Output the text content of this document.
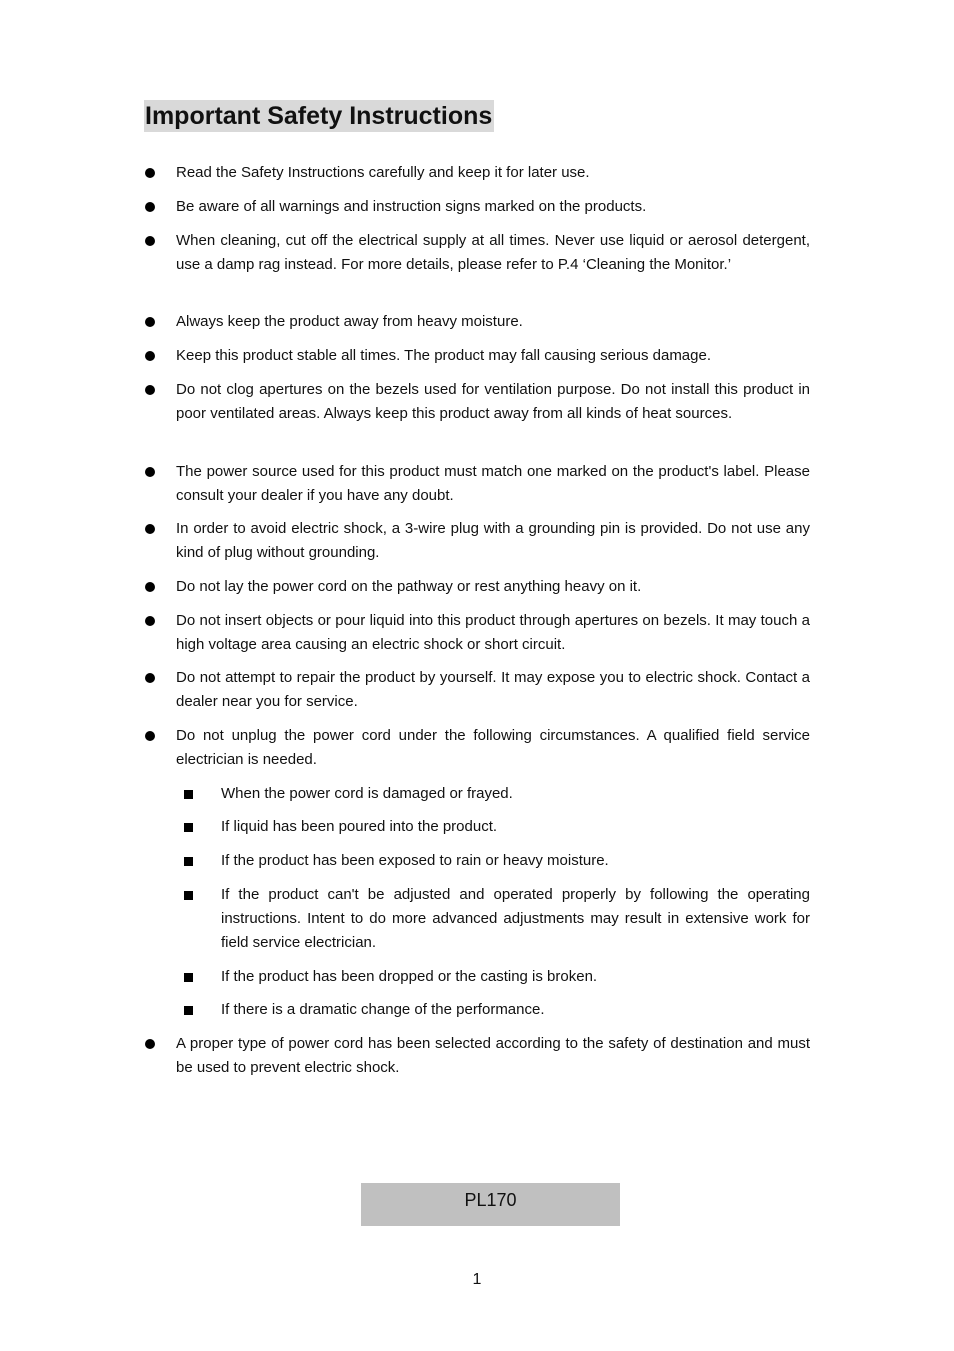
Important Safety Instructions
Read the Safety Instructions carefully and keep it for later use.
Be aware of all warnings and instruction signs marked on the products.
When cleaning, cut off the electrical supply at all times. Never use liquid or aerosol detergent, use a damp rag instead. For more details, please refer to P.4 ‘Cleaning the Monitor.’
Always keep the product away from heavy moisture.
Keep this product stable all times. The product may fall causing serious damage.
Do not clog apertures on the bezels used for ventilation purpose. Do not install this product in poor ventilated areas. Always keep this product away from all kinds of heat sources.
The power source used for this product must match one marked on the product's label. Please consult your dealer if you have any doubt.
In order to avoid electric shock, a 3-wire plug with a grounding pin is provided. Do not use any kind of plug without grounding.
Do not lay the power cord on the pathway or rest anything heavy on it.
Do not insert objects or pour liquid into this product through apertures on bezels. It may touch a high voltage area causing an electric shock or short circuit.
Do not attempt to repair the product by yourself. It may expose you to electric shock. Contact a dealer near you for service.
Do not unplug the power cord under the following circumstances. A qualified field service electrician is needed.
When the power cord is damaged or frayed.
If liquid has been poured into the product.
If the product has been exposed to rain or heavy moisture.
If the product can't be adjusted and operated properly by following the operating instructions. Intent to do more advanced adjustments may result in extensive work for field service electrician.
If the product has been dropped or the casting is broken.
If there is a dramatic change of the performance.
A proper type of power cord has been selected according to the safety of destination and must be used to prevent electric shock.
PL170
1
